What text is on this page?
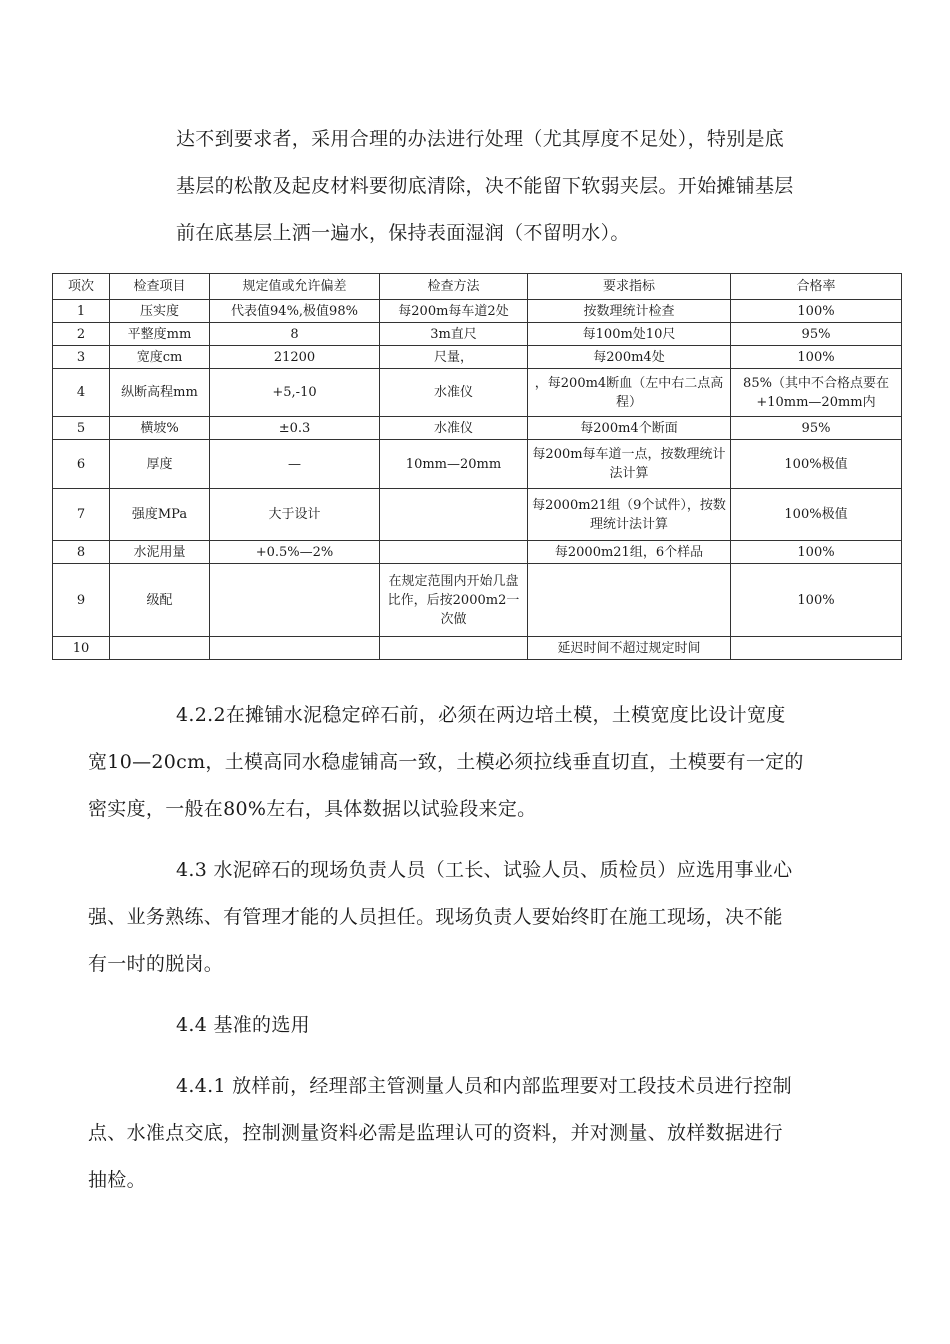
达不到要求者，采用合理的办法进行处理（尤其厚度不足处），特别是底
基层的松散及起皮材料要彻底清除，决不能留下软弱夹层。开始摊铺基层
前在底基层上洒一遍水，保持表面湿润（不留明水）。
项次	检查项目	规定值或允许偏差	检查方法	要求指标	合格率
1	压实度	代表值94%,极值98%	每200m每车道2处	按数理统计检查	100%
2	平整度mm	8	3m直尺	每100m处10尺	95%
3	宽度cm	21200	尺量，	每200m4处	100%
4	纵断高程mm	+5,-10	水准仪	，每200m4断血（左中右二点高程）	85%（其中不合格点要在+10mm—20mm内
5	横坡%	±0.3	水准仪	每200m4个断面	95%
6	厚度	—	10mm—20mm	每200m每车道一点，按数理统计法计算	100%极值
7	强度MPa	大于设计		每2000m21组（9个试件），按数理统计法计算	100%极值
8	水泥用量	+0.5%—2%		每2000m21组，6个样品	100%
9	级配		在规定范围内开始几盘比作，后按2000m2一次做		100%
10				延迟时间不超过规定时间	
4.2.2在摊铺水泥稳定碎石前，必须在两边培土模，土模宽度比设计宽度
宽10—20cm，土模高同水稳虚铺高一致，土模必须拉线垂直切直，土模要有一定的
密实度，一般在80%左右，具体数据以试验段来定。
4.3 水泥碎石的现场负责人员（工长、试验人员、质检员）应选用事业心
强、业务熟练、有管理才能的人员担任。现场负责人要始终盯在施工现场，决不能
有一时的脱岗。
4.4 基准的选用
4.4.1 放样前，经理部主管测量人员和内部监理要对工段技术员进行控制
点、水准点交底，控制测量资料必需是监理认可的资料，并对测量、放样数据进行
抽检。
